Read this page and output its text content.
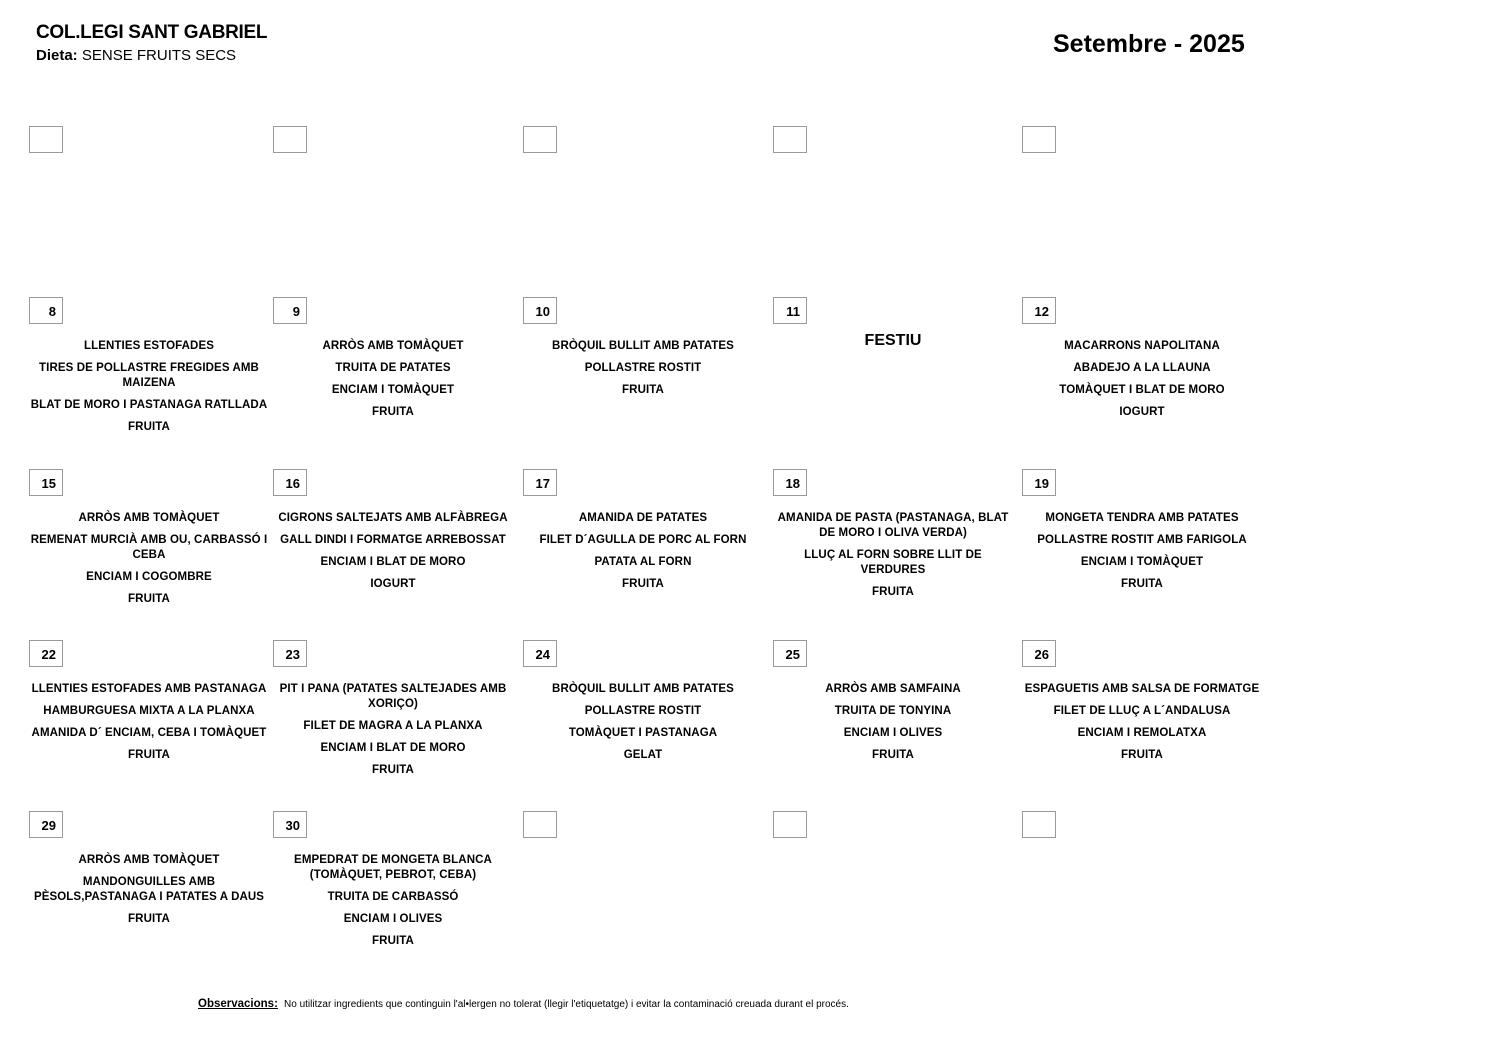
COL.LEGI SANT GABRIEL
Dieta: SENSE FRUITS SECS	Setembre - 2025
8
LLENTIES ESTOFADES
TIRES DE POLLASTRE FREGIDES AMB MAIZENA
BLAT DE MORO I PASTANAGA RATLLADA
FRUITA
9
ARRÒS AMB TOMÀQUET
TRUITA DE PATATES
ENCIAM I TOMÀQUET
FRUITA
10
BRÒQUIL BULLIT AMB PATATES
POLLASTRE ROSTIT
FRUITA
11
FESTIU
12
MACARRONS NAPOLITANA
ABADEJO A LA LLAUNA
TOMÀQUET I BLAT DE MORO
IOGURT
15
ARRÒS AMB TOMÀQUET
REMENAT MURCIÀ AMB OU, CARBASSÓ I CEBA
ENCIAM I COGOMBRE
FRUITA
16
CIGRONS SALTEJATS AMB ALFÀBREGA
GALL DINDI I FORMATGE ARREBOSSAT
ENCIAM I BLAT DE MORO
IOGURT
17
AMANIDA DE PATATES
FILET D´AGULLA DE PORC AL FORN
PATATA AL FORN
FRUITA
18
AMANIDA DE PASTA (PASTANAGA, BLAT DE MORO I OLIVA VERDA)
LLUÇ AL FORN SOBRE LLIT DE VERDURES
FRUITA
19
MONGETA TENDRA AMB PATATES
POLLASTRE ROSTIT AMB FARIGOLA
ENCIAM I TOMÀQUET
FRUITA
22
LLENTIES ESTOFADES AMB PASTANAGA
HAMBURGUESA MIXTA A LA PLANXA
AMANIDA D´ ENCIAM, CEBA I TOMÀQUET
FRUITA
23
PIT I PANA (PATATES SALTEJADES AMB XORIÇO)
FILET DE MAGRA A LA PLANXA
ENCIAM I BLAT DE MORO
FRUITA
24
BRÒQUIL BULLIT AMB PATATES
POLLASTRE ROSTIT
TOMÀQUET I PASTANAGA
GELAT
25
ARRÒS AMB SAMFAINA
TRUITA DE TONYINA
ENCIAM I OLIVES
FRUITA
26
ESPAGUETIS AMB SALSA DE FORMATGE
FILET DE LLUÇ A L´ANDALUSA
ENCIAM I REMOLATXA
FRUITA
29
ARRÒS AMB TOMÀQUET
MANDONGUILLES AMB PÈSOLS,PASTANAGA I PATATES A DAUS
FRUITA
30
EMPEDRAT DE MONGETA BLANCA (TOMÀQUET, PEBROT, CEBA)
TRUITA DE CARBASSÓ
ENCIAM I OLIVES
FRUITA
Observacions: No utilitzar ingredients que continguin l'al•lergen no tolerat (llegir l'etiquetatge) i evitar la contaminació creuada durant el procés.
